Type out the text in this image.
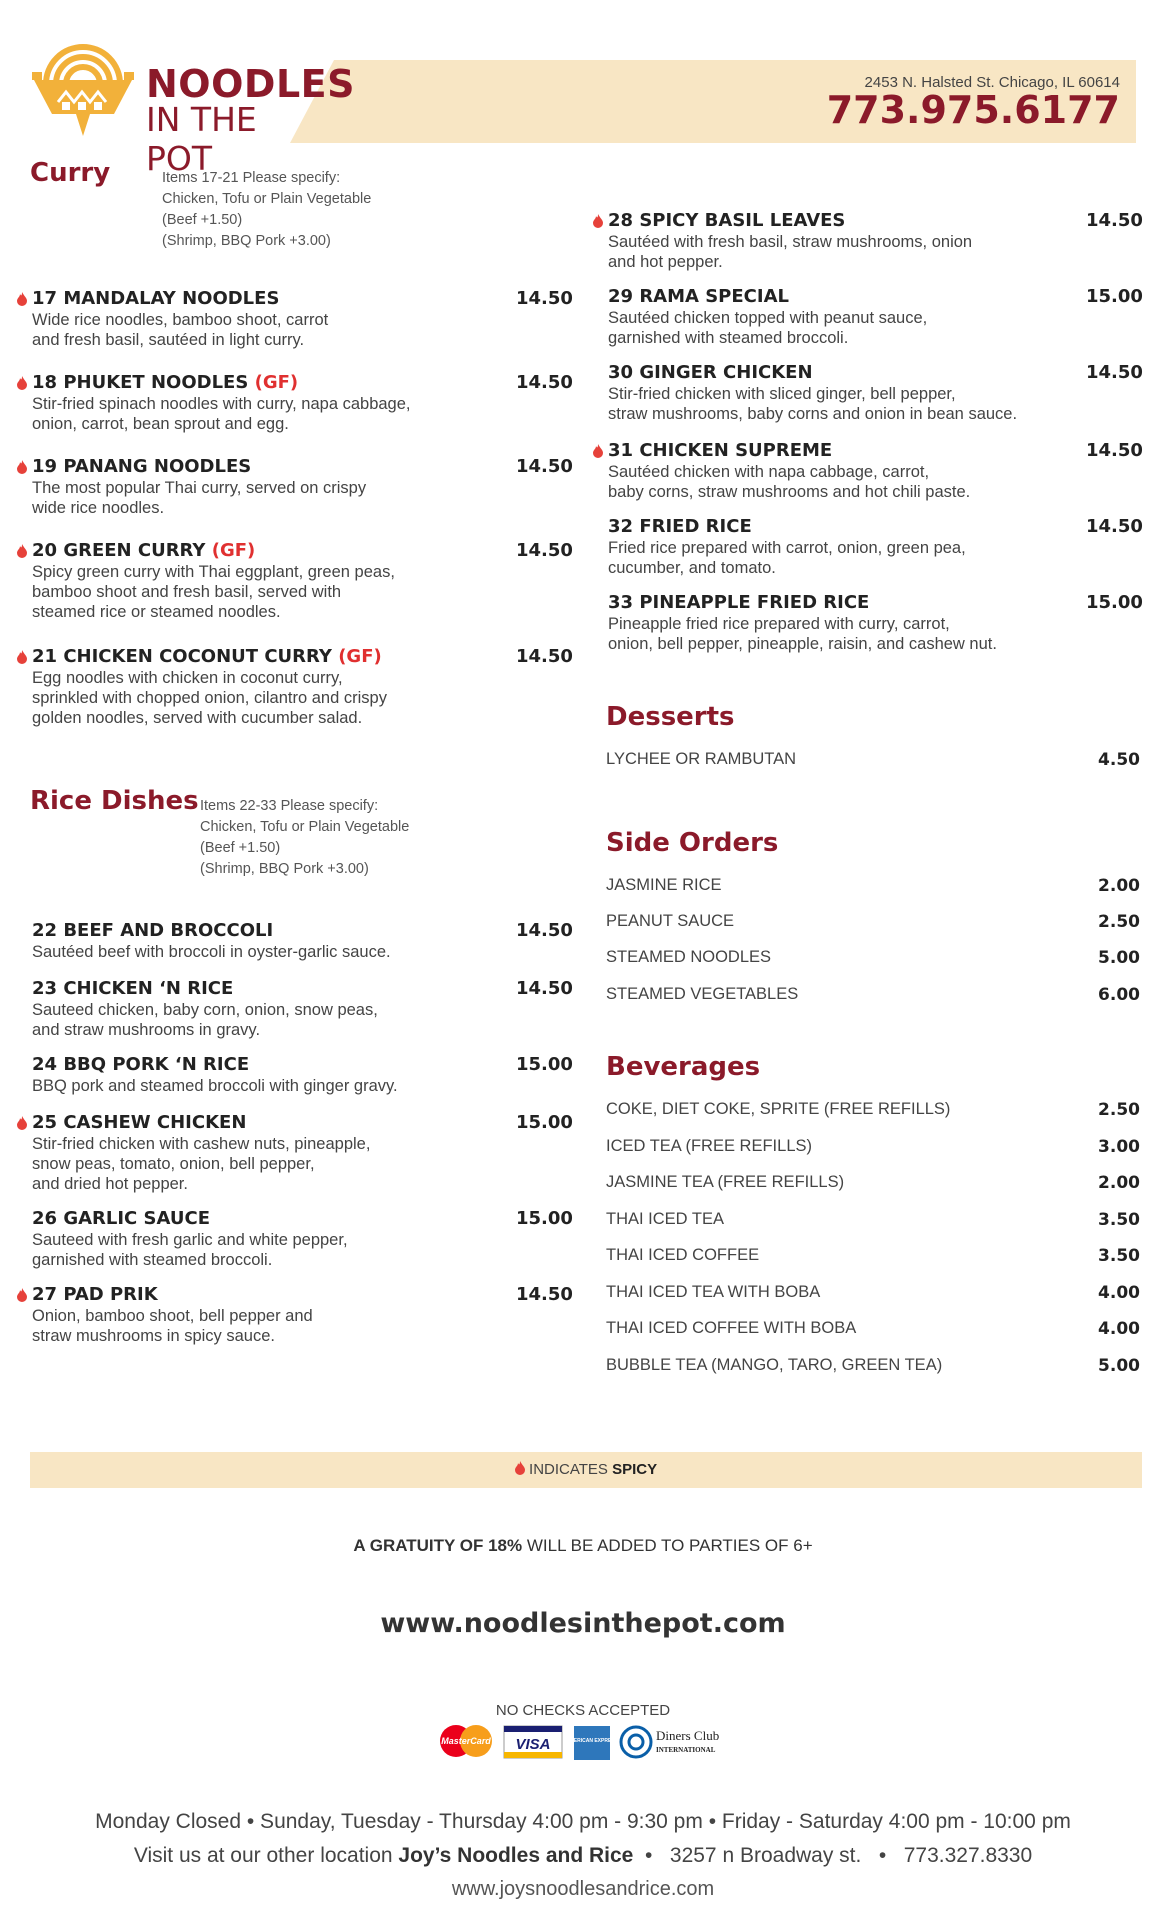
NOODLES
IN THE POT
2453 N. Halsted St. Chicago, IL 60614
773.975.6177
Curry	Items 17-21 Please specify:
Chicken, Tofu or Plain Vegetable
(Beef +1.50)
(Shrimp, BBQ Pork +3.00)
17 MANDALAY NOODLES
Wide rice noodles, bamboo shoot, carrot
and fresh basil, sautéed in light curry.
14.50
18 PHUKET NOODLES (GF)
Stir-fried spinach noodles with curry, napa cabbage,
onion, carrot, bean sprout and egg.
14.50
19 PANANG NOODLES
The most popular Thai curry, served on crispy
wide rice noodles.
14.50
20 GREEN CURRY (GF)
Spicy green curry with Thai eggplant, green peas,
bamboo shoot and fresh basil, served with
steamed rice or steamed noodles.
14.50
21 CHICKEN COCONUT CURRY (GF)
Egg noodles with chicken in coconut curry,
sprinkled with chopped onion, cilantro and crispy
golden noodles, served with cucumber salad.
14.50
Rice Dishes Items 22-33 Please specify:
Chicken, Tofu or Plain Vegetable
(Beef +1.50)
(Shrimp, BBQ Pork +3.00)
22 BEEF AND BROCCOLI
Sautéed beef with broccoli in oyster-garlic sauce.
14.50
23 CHICKEN ‘N RICE
Sauteed chicken, baby corn, onion, snow peas,
and straw mushrooms in gravy.
14.50
24 BBQ PORK ‘N RICE
BBQ pork and steamed broccoli with ginger gravy.
15.00
25 CASHEW CHICKEN
Stir-fried chicken with cashew nuts, pineapple,
snow peas, tomato, onion, bell pepper,
and dried hot pepper.
15.00
26 GARLIC SAUCE
Sauteed with fresh garlic and white pepper,
garnished with steamed broccoli.
15.00
27 PAD PRIK
Onion, bamboo shoot, bell pepper and
straw mushrooms in spicy sauce.
14.50
28 SPICY BASIL LEAVES
Sautéed with fresh basil, straw mushrooms, onion
and hot pepper.
14.50
29 RAMA SPECIAL
Sautéed chicken topped with peanut sauce,
garnished with steamed broccoli.
15.00
30 GINGER CHICKEN
Stir-fried chicken with sliced ginger, bell pepper,
straw mushrooms, baby corns and onion in bean sauce.
14.50
31 CHICKEN SUPREME
Sautéed chicken with napa cabbage, carrot,
baby corns, straw mushrooms and hot chili paste.
14.50
32 FRIED RICE
Fried rice prepared with carrot, onion, green pea,
cucumber, and tomato.
14.50
33 PINEAPPLE FRIED RICE
Pineapple fried rice prepared with curry, carrot,
onion, bell pepper, pineapple, raisin, and cashew nut.
15.00
Desserts
LYCHEE OR RAMBUTAN	4.50
Side Orders
JASMINE RICE	2.00
PEANUT SAUCE	2.50
STEAMED NOODLES	5.00
STEAMED VEGETABLES	6.00
Beverages
COKE, DIET COKE, SPRITE (FREE REFILLS)	2.50
ICED TEA (FREE REFILLS)	3.00
JASMINE TEA (FREE REFILLS)	2.00
THAI ICED TEA	3.50
THAI ICED COFFEE	3.50
THAI ICED TEA WITH BOBA	4.00
THAI ICED COFFEE WITH BOBA	4.00
BUBBLE TEA (MANGO, TARO, GREEN TEA)	5.00
INDICATES SPICY
A GRATUITY OF 18% WILL BE ADDED TO PARTIES OF 6+
www.noodlesinthepot.com
NO CHECKS ACCEPTED
MasterCard VISA	AMERICAN EXPRESS	Diners Club
INTERNATIONAL
Monday Closed • Sunday, Tuesday - Thursday 4:00 pm - 9:30 pm • Friday - Saturday 4:00 pm - 10:00 pm
Visit us at our other location Joy’s Noodles and Rice  •   3257 n Broadway st.   •   773.327.8330
www.joysnoodlesandrice.com
